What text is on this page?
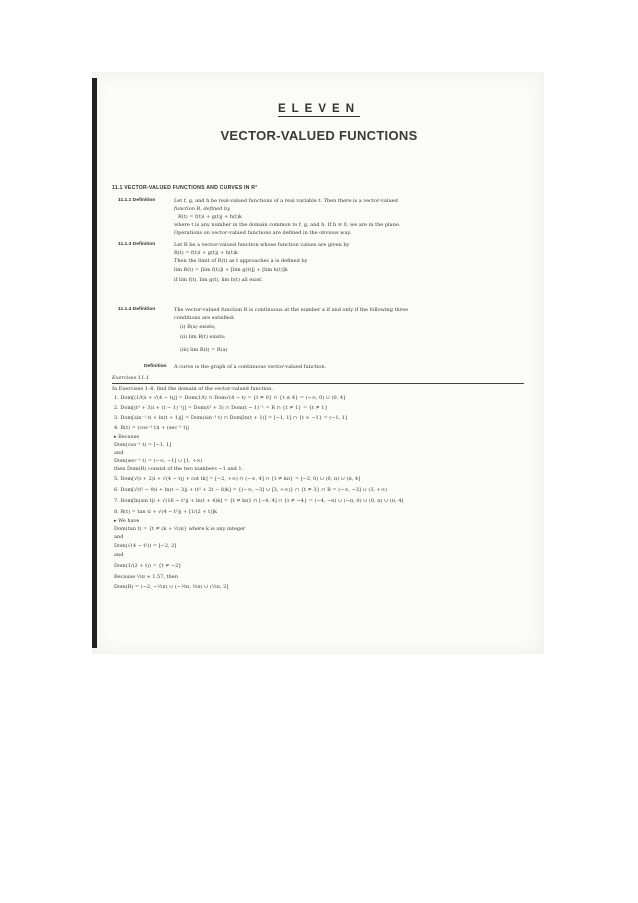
ELEVEN
VECTOR-VALUED FUNCTIONS
11.1 VECTOR-VALUED FUNCTIONS AND CURVES IN R³
11.1.1 Definition	Let f, g, and h be real-valued functions of a real variable t. Then there is a vector-valued
function R, defined by
R(t) = f(t)i + g(t)j + h(t)k
where t is any number in the domain common to f, g, and h. If h ≡ 0, we are in the plane.
Operations on vector-valued functions are defined in the obvious way.
11.1.3 Definition	Let R be a vector-valued function whose function values are given by
R(t) = f(t)i + g(t)j + h(t)k
Then the limit of R(t) as t approaches a is defined by
lim R(t) = [lim f(t)]i + [lim g(t)]j + [lim h(t)]k
if lim f(t), lim g(t), lim h(t) all exist.
11.1.4 Definition	The vector-valued function R is continuous at the number a if and only if the following three
conditions are satisfied:
(i) R(a) exists;
(ii) lim R(t) exists;
(iii) lim R(t) = R(a)
Definition A curve is the graph of a continuous vector-valued function.
Exercises 11.1
In Exercises 1–8, find the domain of the vector-valued function.
1. Dom[(1/t)i + √(4 − t)j] = Dom(1/t) ∩ Dom√(4 − t) = {t ≠ 0} ∩ {t ≤ 4} = (−∞, 0) ∪ (0, 4]
2. Dom[(t² + 3)i + (t − 1)⁻¹j] = Dom(t² + 3) ∩ Dom(t − 1)⁻¹ = R ∩ {t ≠ 1} = {t ≠ 1}
3. Dom[sin⁻¹ ti + ln(t + 1)j] = Dom(sin⁻¹ t) ∩ Dom[ln(t + 1)] = [−1, 1] ∩ {t > −1} = (−1, 1]
4. R(t) = (cos⁻¹ t)i + (sec⁻¹ t)j
▸ Because
Dom(cos⁻¹ t) = [−1, 1]
and
Dom(sec⁻¹ t) = (−∞, −1] ∪ [1, +∞)
then Dom(R) consist of the two numbers −1 and 1.
5. Dom[√(t + 2)i + √(4 − t)j + cot tk] = [−2, +∞) ∩ (−∞, 4] ∩ {t ≠ kπ} = [−2, 0) ∪ (0, π) ∪ (π, 4]
6. Dom[√(t² − 9)i + ln(t − 3)j + (t² + 2t − 8)k] = {(−∞, −3] ∪ [3, +∞)} ∩ {t ≠ 3} ∩ R = (−∞, −3] ∪ (3, +∞)
7. Dom[ln|sin t|i + √(16 − t²)j + ln(t + 4)k] = {t ≠ kπ} ∩ [−4, 4] ∩ {t ≠ −4} = (−4, −π) ∪ (−π, 0) ∪ (0, π) ∪ (π, 4]
8. R(t) = tan ti + √(4 − t²)j + [1/(2 + t)]k
▸ We have
Dom(tan t) = {t ≠ (k + ½)π} where k is any integer
and
Dom(√(4 − t²)) = [−2, 2]
and
Dom(1/(2 + t)) = {t ≠ −2}
Because ½π ≈ 1.57, then
Dom(R) = (−2, −½π) ∪ (−½π, ½π) ∪ (½π, 2]
